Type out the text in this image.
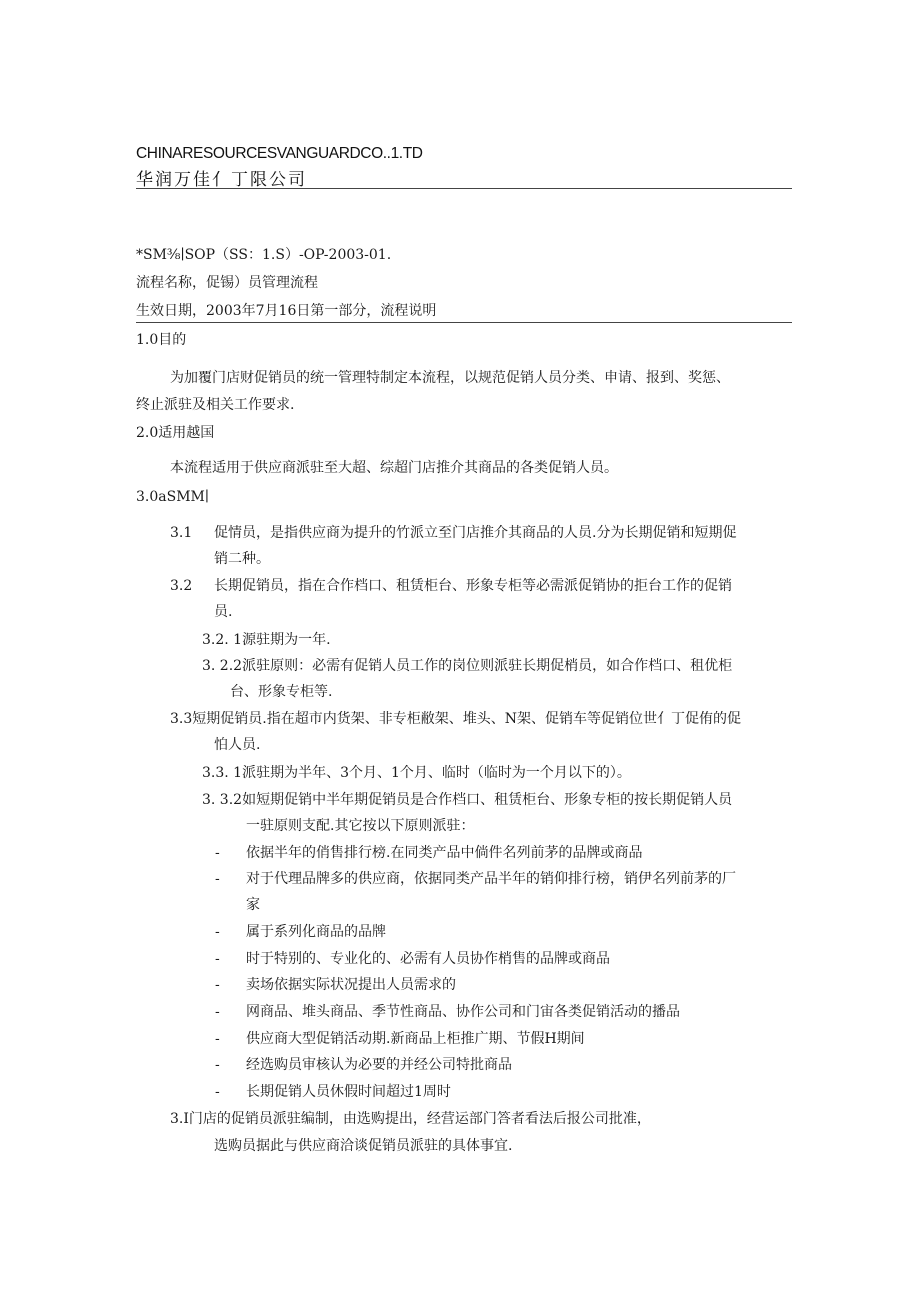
CHINARESOURCESVANGUARDCO..1.TD
华润万佳亻丁限公司
*SM⅜∣SOP（SS：1.S）-OP-2003-01.
流程名称，促锡）员管理流程
生效日期，2003年7月16日第一部分，流程说明
1.0目的
为加覆门店财促销员的统一管理特制定本流程，以规范促销人员分类、申请、报到、奖惩、
终止派驻及相关工作要求.
2.0适用越国
本流程适用于供应商派驻至大超、综超门店推介其商品的各类促销人员。
3.0aSMM∣
3.1 促情员，是指供应商为提升的竹派立至门店推介其商品的人员.分为长期促销和短期促
销二种。
3.2 长期促销员，指在合作档口、租赁柜台、形象专柜等必需派促销协的拒台工作的促销
员.
3.2. 1源驻期为一年.
3. 2.2派驻原则：必需有促销人员工作的岗位则派驻长期促梢员，如合作档口、租优柜
台、形象专柜等.
3.3短期促销员.指在超市内货架、非专柜敝架、堆头、N架、促销车等促销位世亻丁促侑的促
怕人员.
3.3. 1派驻期为半年、3个月、1个月、临时（临时为一个月以下的）。
3. 3.2如短期促销中半年期促销员是合作档口、租赁柜台、形象专柜的按长期促销人员
一驻原则支配.其它按以下原则派驻：
- 依据半年的俏售排行榜.在同类产品中倘件名列前茅的品牌或商品
- 对于代理品牌多的供应商，依据同类产品半年的销仰排行榜，销伊名列前茅的厂
家
- 属于系列化商品的品牌
- 时于特别的、专业化的、必需有人员协作梢售的品牌或商品
- 卖场依据实际状况提出人员需求的
- 网商品、堆头商品、季节性商品、协作公司和门宙各类促销活动的播品
- 供应商大型促销活动期.新商品上柜推广期、节假H期间
- 经选购员审核认为必要的并经公司特批商品
- 长期促销人员休假时间超过1周时
3.I门店的促销员派驻编制，由选购提出，经营运部门答者看法后报公司批准，
选购员据此与供应商洽谈促销员派驻的具体事宜.
